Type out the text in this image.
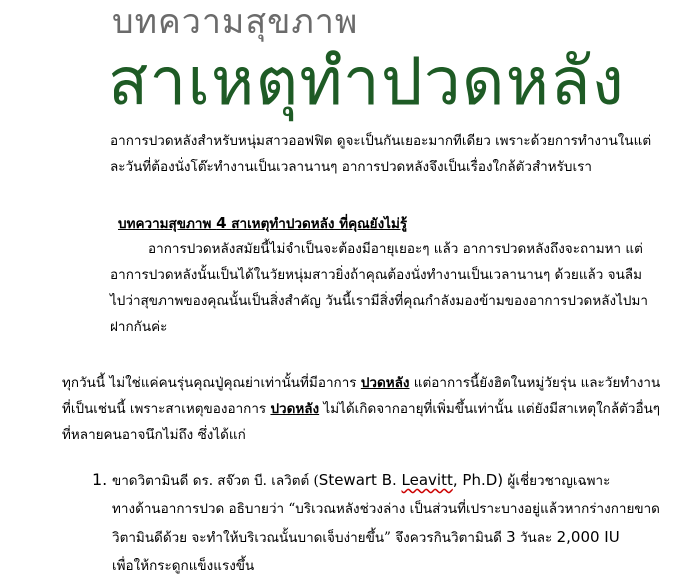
บทความสุขภาพ
สาเหตุทำปวดหลัง
อาการปวดหลังสำหรับหนุ่มสาวออฟฟิต ดูจะเป็นกันเยอะมากทีเดียว เพราะด้วยการทำงานในแต่
ละวันที่ต้องนั่งโต๊ะทำงานเป็นเวลานานๆ อาการปวดหลังจึงเป็นเรื่องใกล้ตัวสำหรับเรา
บทความสุขภาพ 4 สาเหตุทำปวดหลัง ที่คุณยังไม่รู้
อาการปวดหลังสมัยนี้ไม่จำเป็นจะต้องมีอายุเยอะๆ แล้ว อาการปวดหลังถึงจะถามหา แต่
อาการปวดหลังนั้นเป็นได้ในวัยหนุ่มสาวยิ่งถ้าคุณต้องนั่งทำงานเป็นเวลานานๆ ด้วยแล้ว จนลืม
ไปว่าสุขภาพของคุณนั้นเป็นสิ่งสำคัญ วันนี้เรามีสิ่งที่คุณกำลังมองข้ามของอาการปวดหลังไปมา
ฝากกันค่ะ
ทุกวันนี้ ไม่ใช่แค่คนรุ่นคุณปู่คุณย่าเท่านั้นที่มีอาการ ปวดหลัง แต่อาการนี้ยังฮิตในหมู่วัยรุ่น และวัยทำงาน
ที่เป็นเช่นนี้ เพราะสาเหตุของอาการ ปวดหลัง ไม่ได้เกิดจากอายุที่เพิ่มขึ้นเท่านั้น แต่ยังมีสาเหตุใกล้ตัวอื่นๆ
ที่หลายคนอาจนึกไม่ถึง ซึ่งได้แก่
1. ขาดวิตามินดี ดร. สจ๊วต บี. เลวิตต์ (Stewart B. Leavitt, Ph.D) ผู้เชี่ยวชาญเฉพาะ
ทางด้านอาการปวด อธิบายว่า “บริเวณหลังช่วงล่าง เป็นส่วนที่เปราะบางอยู่แล้วหากร่างกายขาด
วิตามินดีด้วย จะทำให้บริเวณนั้นบาดเจ็บง่ายขึ้น” จึงควรกินวิตามินดี 3 วันละ 2,000 IU
เพื่อให้กระดูกแข็งแรงขึ้น
